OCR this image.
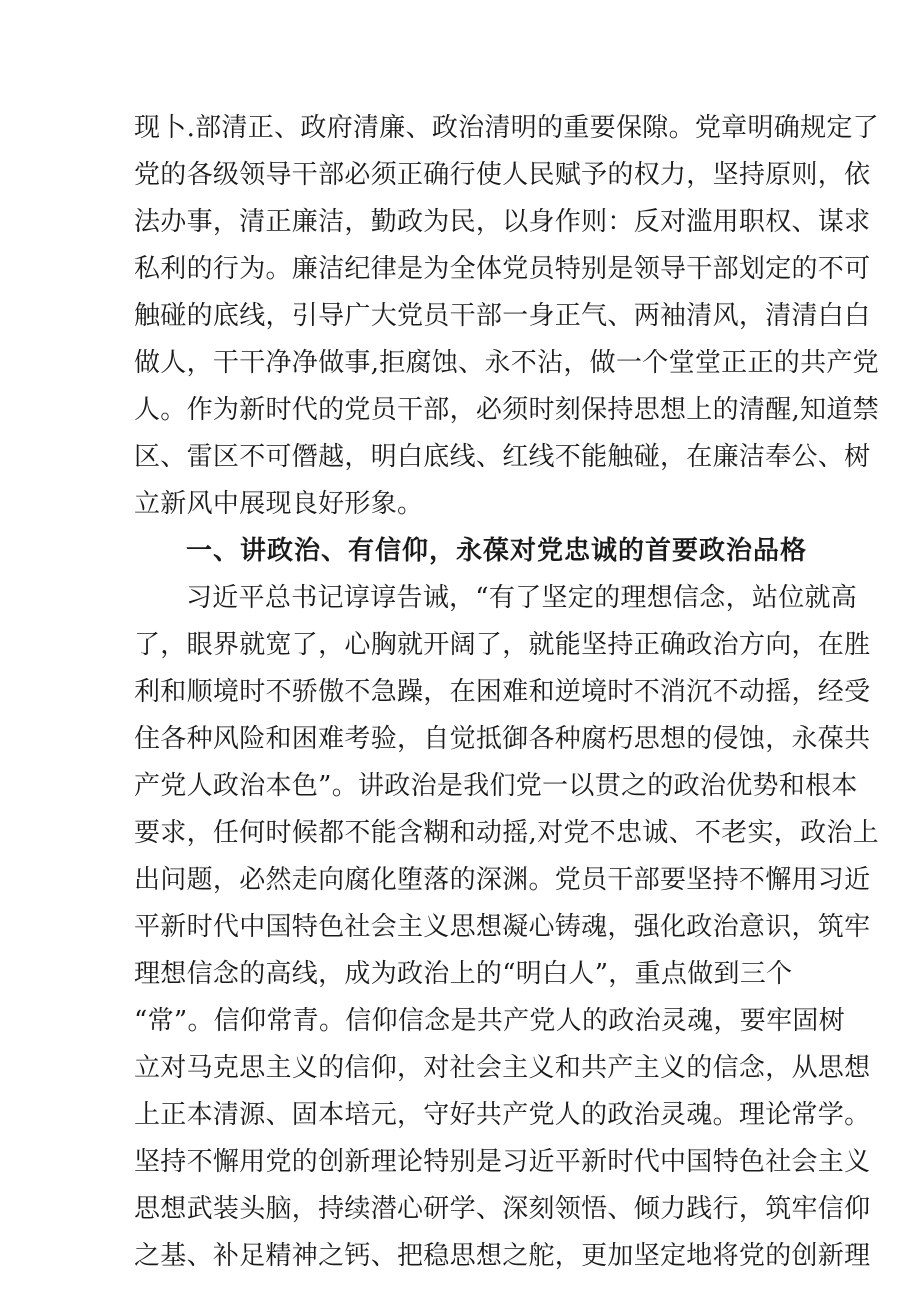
现卜.部清正、政府清廉、政治清明的重要保隙。党章明确规定了
党的各级领导干部必须正确行使人民赋予的权力，坚持原则，依
法办事，清正廉洁，勤政为民，以身作则：反对滥用职权、谋求
私利的行为。廉洁纪律是为全体党员特别是领导干部划定的不可
触碰的底线，引导广大党员干部一身正气、两袖清风，清清白白
做人，干干净净做事,拒腐蚀、永不沾，做一个堂堂正正的共产党
人。作为新时代的党员干部，必须时刻保持思想上的清醒,知道禁
区、雷区不可僭越，明白底线、红线不能触碰，在廉洁奉公、树
立新风中展现良好形象。
一、讲政治、有信仰，永葆对党忠诚的首要政治品格
习近平总书记谆谆告诫，“有了坚定的理想信念，站位就高
了，眼界就宽了，心胸就开阔了，就能坚持正确政治方向，在胜
利和顺境时不骄傲不急躁，在困难和逆境时不消沉不动摇，经受
住各种风险和困难考验，自觉抵御各种腐朽思想的侵蚀，永葆共
产党人政治本色”。讲政治是我们党一以贯之的政治优势和根本
要求，任何时候都不能含糊和动摇,对党不忠诚、不老实，政治上
出问题，必然走向腐化堕落的深渊。党员干部要坚持不懈用习近
平新时代中国特色社会主义思想凝心铸魂，强化政治意识，筑牢
理想信念的高线，成为政治上的“明白人”，重点做到三个
“常”。信仰常青。信仰信念是共产党人的政治灵魂，要牢固树
立对马克思主义的信仰，对社会主义和共产主义的信念，从思想
上正本清源、固本培元，守好共产党人的政治灵魂。理论常学。
坚持不懈用党的创新理论特别是习近平新时代中国特色社会主义
思想武装头脑，持续潜心研学、深刻领悟、倾力践行，筑牢信仰
之基、补足精神之钙、把稳思想之舵，更加坚定地将党的创新理
